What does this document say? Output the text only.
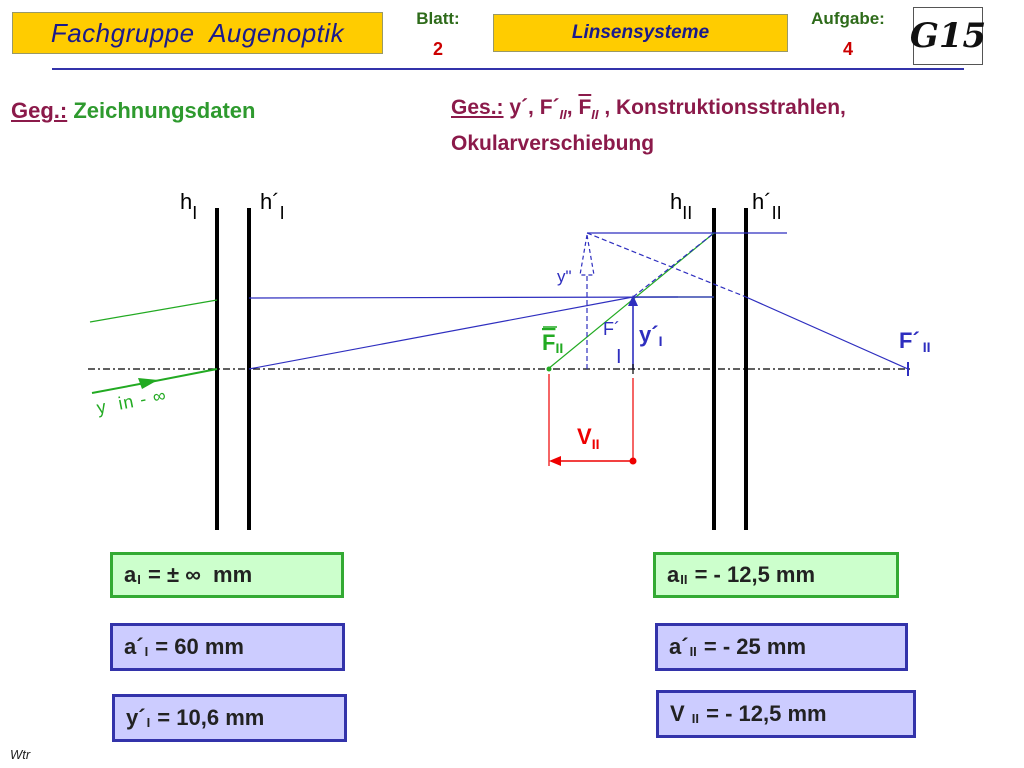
Fachgruppe  Augenoptik	Blatt:
2
Linsensysteme
Aufgabe:
4	G15
Geg.: Zeichnungsdaten	Ges.: y´, $F´_{II}$, $\overline{F}_{II}$ , Konstruktionsstrahlen,
Okularverschiebung
$h_I$	$h´_I$	$h_{II}$	$h´_{II}$
y  in - ∞
y"
F´ I
y´I
FII	F´ II
$V_{II}$
$a_I$ = ± ∞  mm
$a´_I = 60$ mm
$y´_I = 10,6$ mm
$a_{II}$ = - 12,5 mm
$a´_{II}$ = - 25 mm
V $_{II}$ = - 12,5 mm
Wtr
